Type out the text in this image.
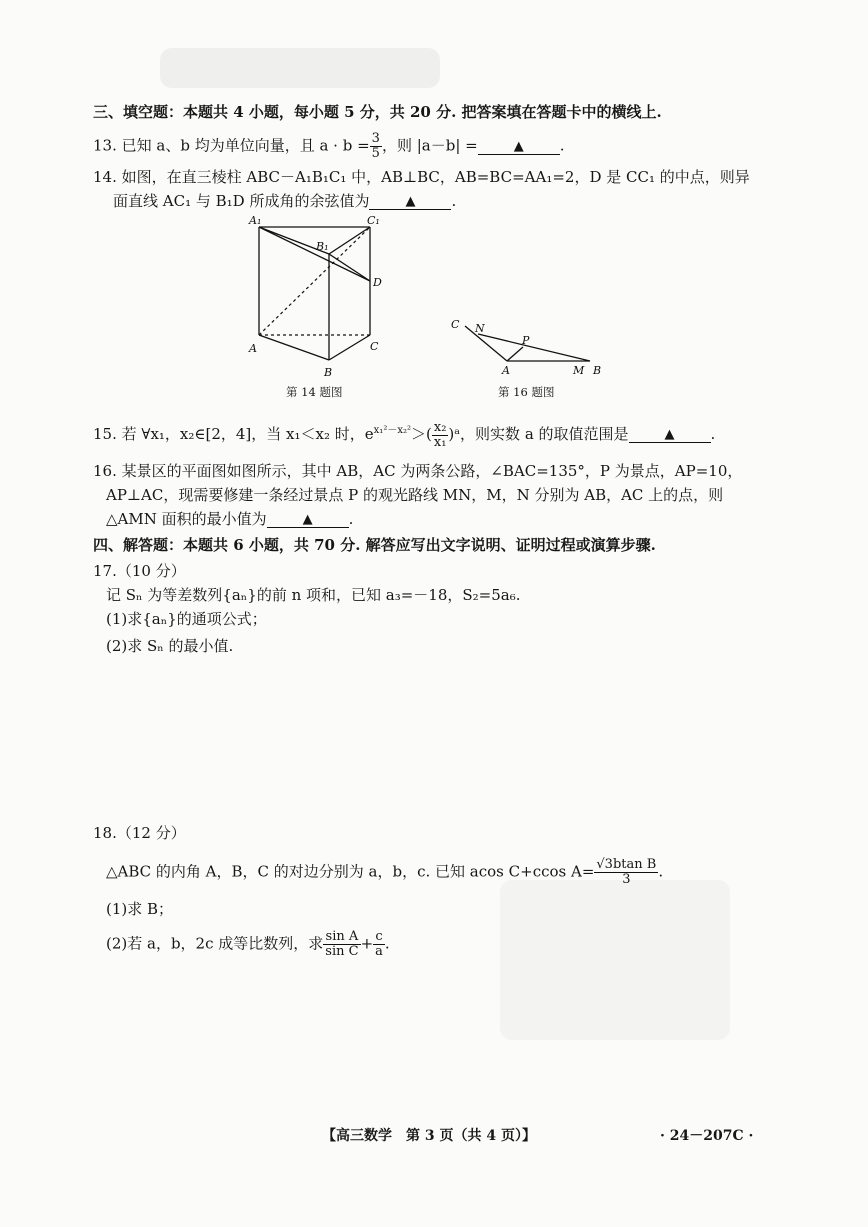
三、填空题：本题共 4 小题，每小题 5 分，共 20 分. 把答案填在答题卡中的横线上.
13. 已知 a、b 均为单位向量，且 $a \cdot b = \frac{3}{5}$ ，则 |a－b| =	▲ .
14. 如图，在直三棱柱 ABC－A₁B₁C₁ 中，AB⊥BC，AB=BC=AA₁=2，D 是 CC₁ 的中点，则异
面直线 AC₁ 与 B₁D 所成角的余弦值为	▲ .
A₁	C₁
B₁
D
A	C
B
第 14 题图
C N
P
A	M B
第 16 题图
15. 若 ∀x₁，x₂∈[2，4]，当 x₁＜x₂ 时，$e^{x_1^2-x_2^2}>( \frac{\text{x₂}}{\text{x₁}}$ )ᵃ，则实数 a 的取值范围是	▲ .
16. 某景区的平面图如图所示，其中 AB，AC 为两条公路，∠BAC=135°，P 为景点，AP=10，
AP⊥AC，现需要修建一条经过景点 P 的观光路线 MN，M，N 分别为 AB，AC 上的点，则
△AMN 面积的最小值为	▲ .
四、解答题：本题共 6 小题，共 70 分. 解答应写出文字说明、证明过程或演算步骤.
17.（10 分）
记 Sₙ 为等差数列{aₙ}的前 n 项和，已知 a₃=－18，S₂=5a₆.
(1)求{aₙ}的通项公式；
(2)求 Sₙ 的最小值.
18.（12 分）
△ABC 的内角 A，B，C 的对边分别为 a，b，c. 已知 acos C+ccos $A= \frac{\text{√3btan B}}{3}$ .
(1)求 B；
(2)若 a，b，2c 成等比数列，求 $\frac{\text{sin A}}{\text{sin C}} + \frac{c}{a}$ .
【高三数学　第 3 页（共 4 页）】	· 24－207C ·
